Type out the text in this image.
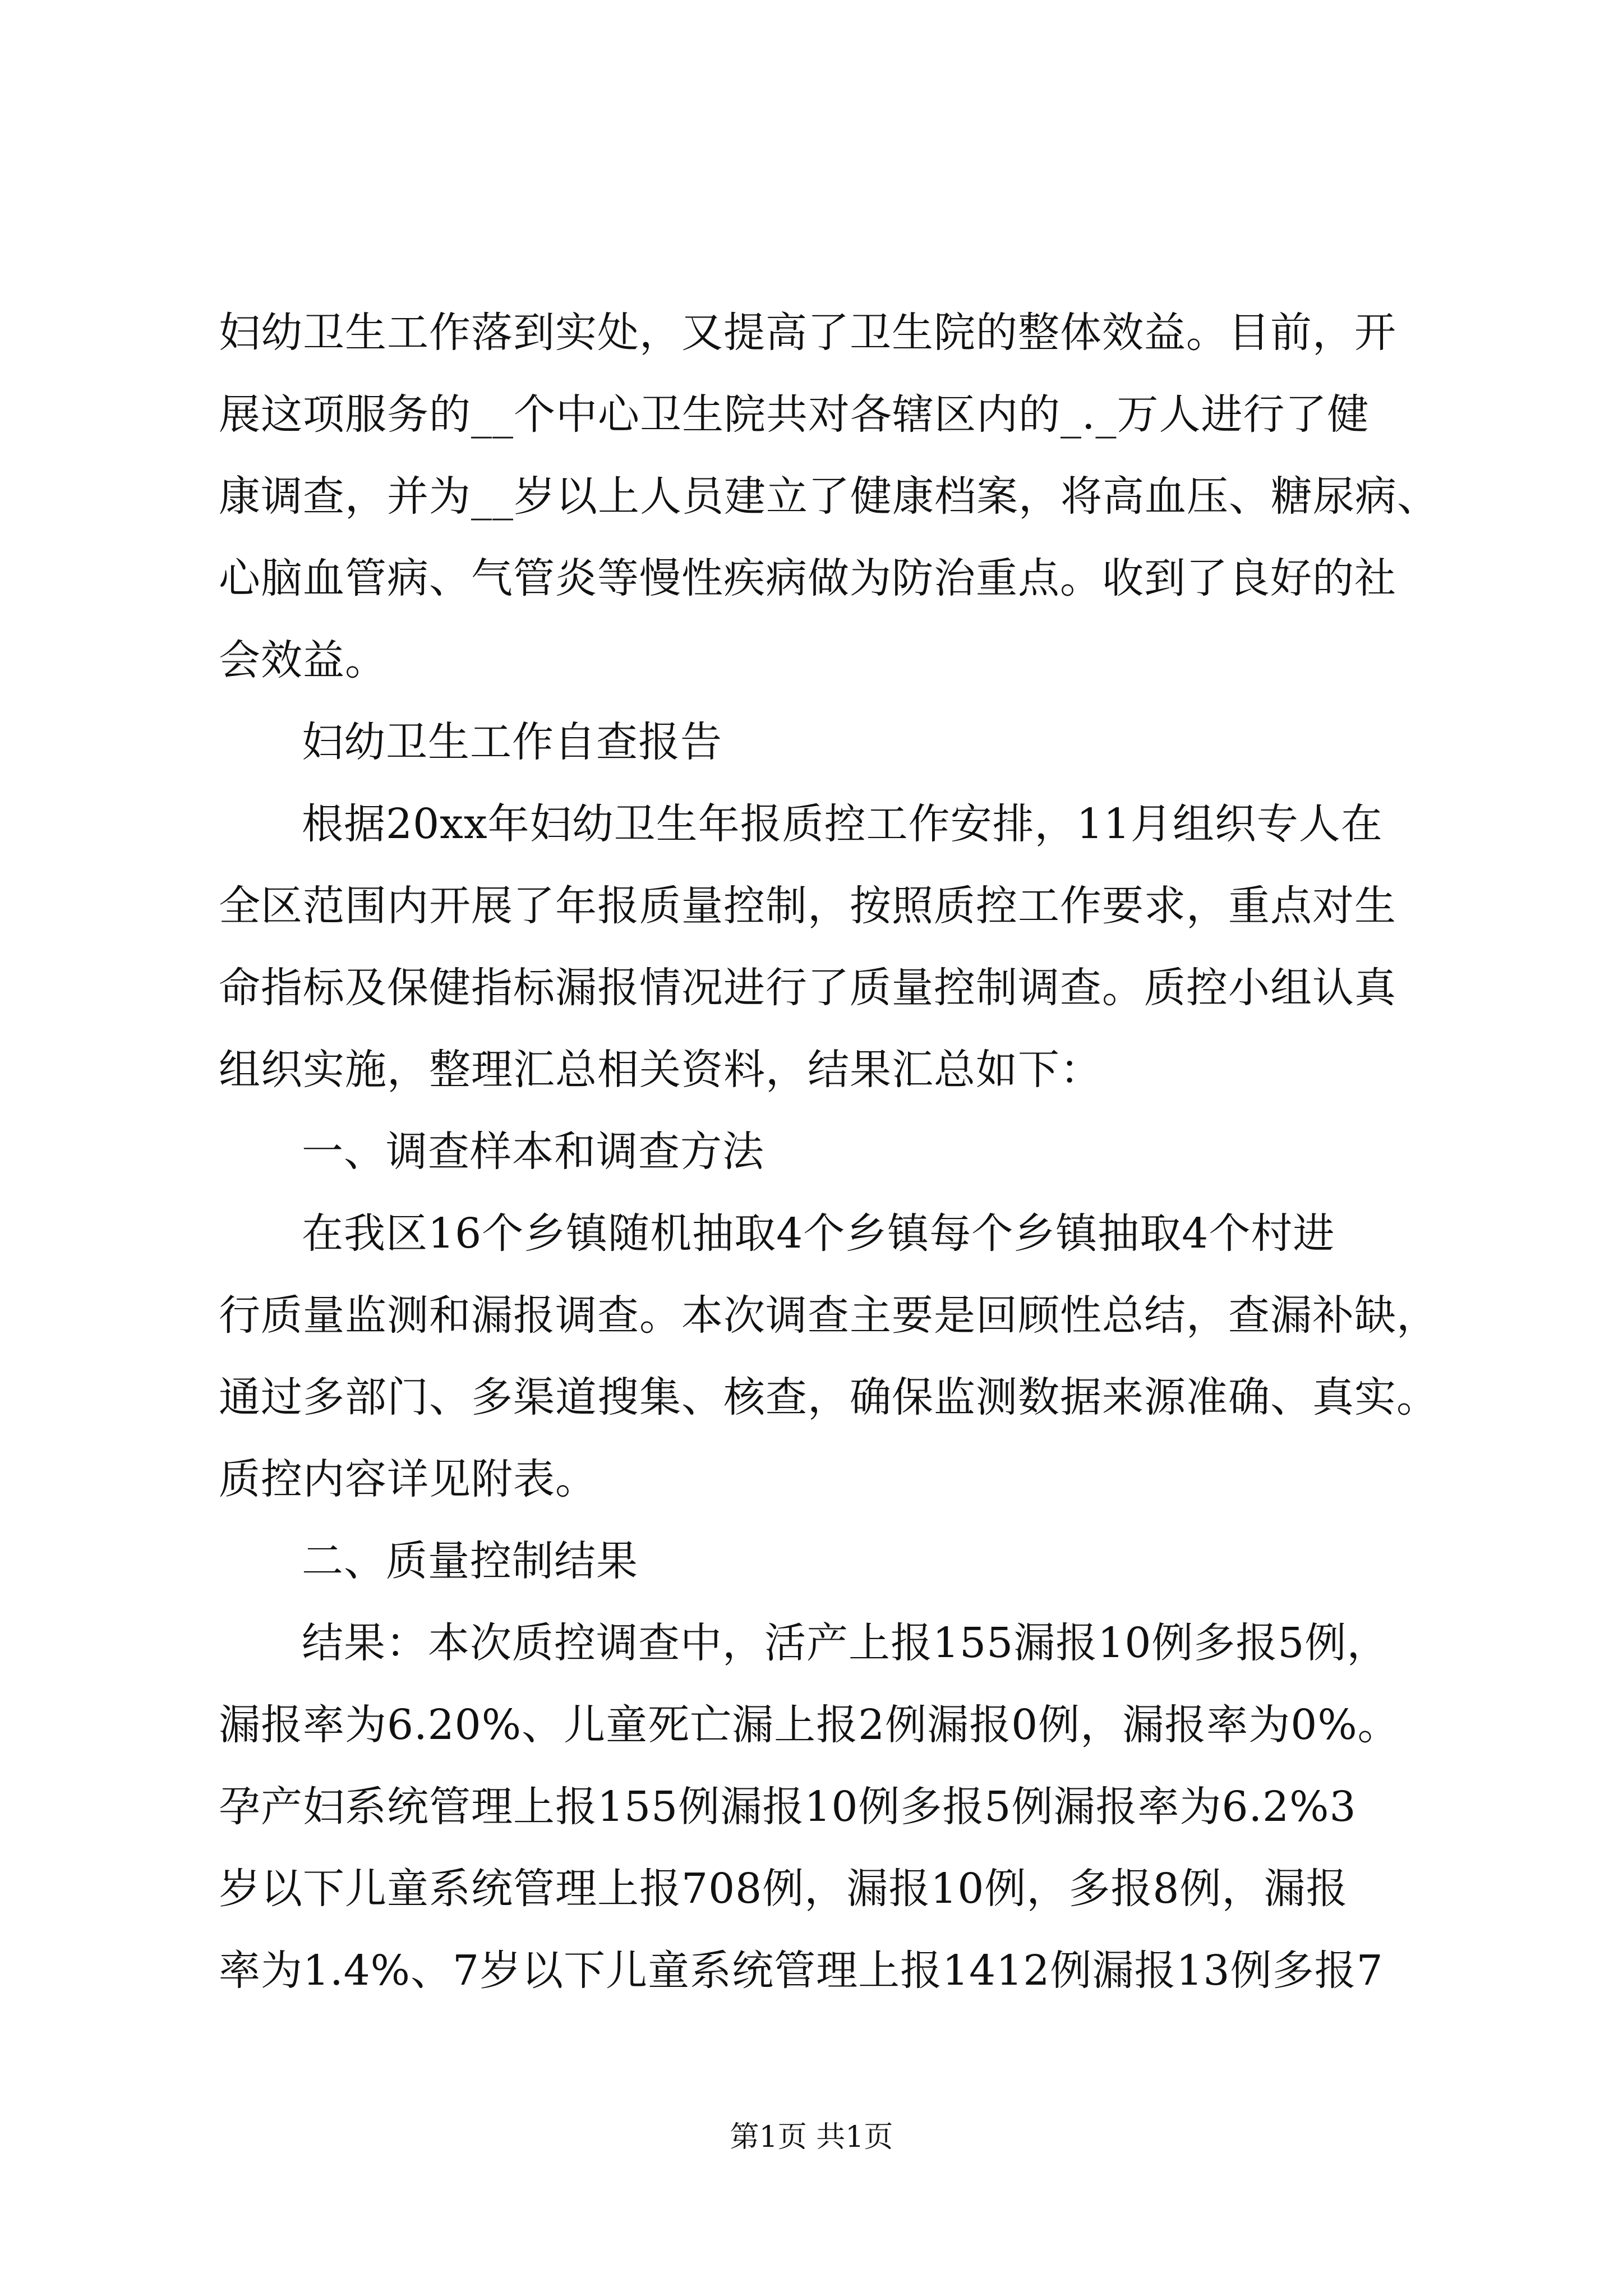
妇幼卫生工作落到实处，又提高了卫生院的整体效益。目前，开
展这项服务的__个中心卫生院共对各辖区内的_._万人进行了健
康调查，并为__岁以上人员建立了健康档案，将高血压、糖尿病、
心脑血管病、气管炎等慢性疾病做为防治重点。收到了良好的社
会效益。
妇幼卫生工作自查报告
根据20xx年妇幼卫生年报质控工作安排，11月组织专人在
全区范围内开展了年报质量控制，按照质控工作要求，重点对生
命指标及保健指标漏报情况进行了质量控制调查。质控小组认真
组织实施，整理汇总相关资料，结果汇总如下：
一、调查样本和调查方法
在我区16个乡镇随机抽取4个乡镇每个乡镇抽取4个村进
行质量监测和漏报调查。本次调查主要是回顾性总结，查漏补缺，
通过多部门、多渠道搜集、核查，确保监测数据来源准确、真实。
质控内容详见附表。
二、质量控制结果
结果：本次质控调查中，活产上报155漏报10例多报5例，
漏报率为6.20%、儿童死亡漏上报2例漏报0例，漏报率为0%。
孕产妇系统管理上报155例漏报10例多报5例漏报率为6.2%3
岁以下儿童系统管理上报708例，漏报10例，多报8例，漏报
率为1.4%、7岁以下儿童系统管理上报1412例漏报13例多报7
第1页 共1页
